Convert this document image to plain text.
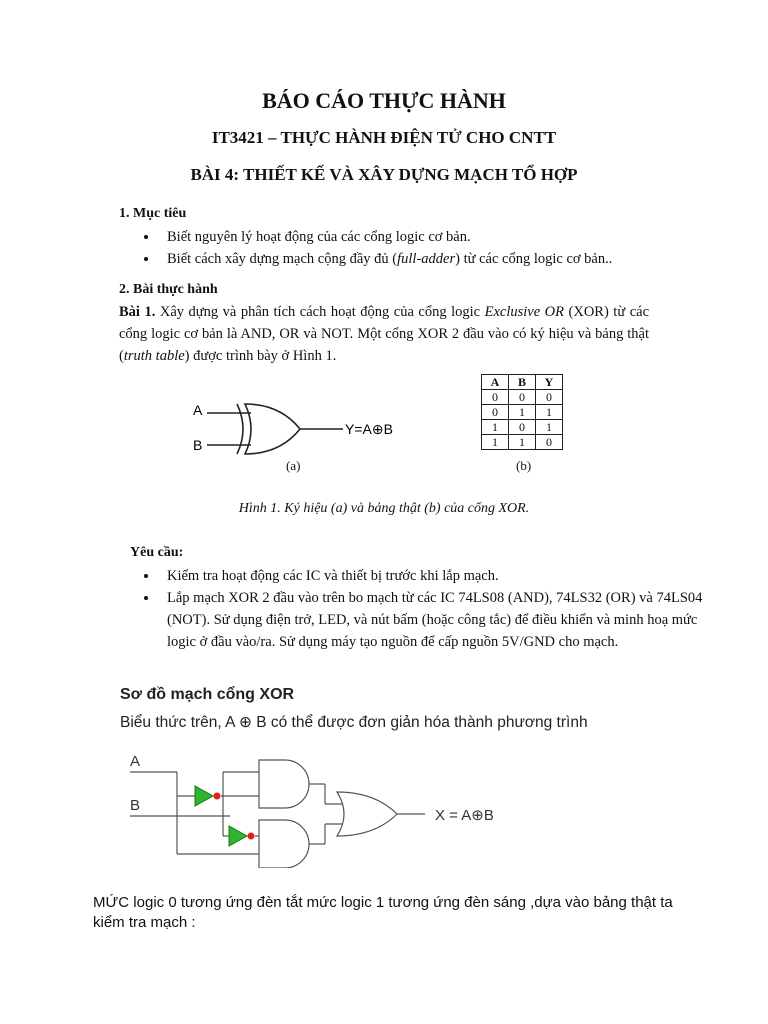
BÁO CÁO THỰC HÀNH
IT3421 – THỰC HÀNH ĐIỆN TỬ CHO CNTT
BÀI 4: THIẾT KẾ VÀ XÂY DỰNG MẠCH TỔ HỢP
1. Mục tiêu
• Biết nguyên lý hoạt động của các cổng logic cơ bản.
• Biết cách xây dựng mạch cộng đầy đủ (full-adder) từ các cổng logic cơ bản..
2. Bài thực hành
Bài 1. Xây dựng và phân tích cách hoạt động của cổng logic Exclusive OR (XOR) từ các cổng logic cơ bản là AND, OR và NOT. Một cổng XOR 2 đầu vào có ký hiệu và bảng thật (truth table) được trình bày ở Hình 1.
A
B
Y=A⊕B
(a)
A	B	Y
0	0	0
0	1	1
1	0	1
1	1	0
(b)
Hình 1. Ký hiệu (a) và bảng thật (b) của cổng XOR.
Yêu cầu:
• Kiểm tra hoạt động các IC và thiết bị trước khi lắp mạch.
• Lắp mạch XOR 2 đầu vào trên bo mạch từ các IC 74LS08 (AND), 74LS32 (OR) và 74LS04 (NOT). Sử dụng điện trở, LED, và nút bấm (hoặc công tắc) để điều khiển và minh hoạ mức logic ở đầu vào/ra. Sử dụng máy tạo nguồn để cấp nguồn 5V/GND cho mạch.
Sơ đồ mạch cổng XOR
Biểu thức trên, A ⊕ B có thể được đơn giản hóa thành phương trình
A
B
X = A⊕B
MỨC logic 0 tương ứng đèn tắt mức logic 1 tương ứng đèn sáng ,dựa vào bảng thật ta kiểm tra mạch :
